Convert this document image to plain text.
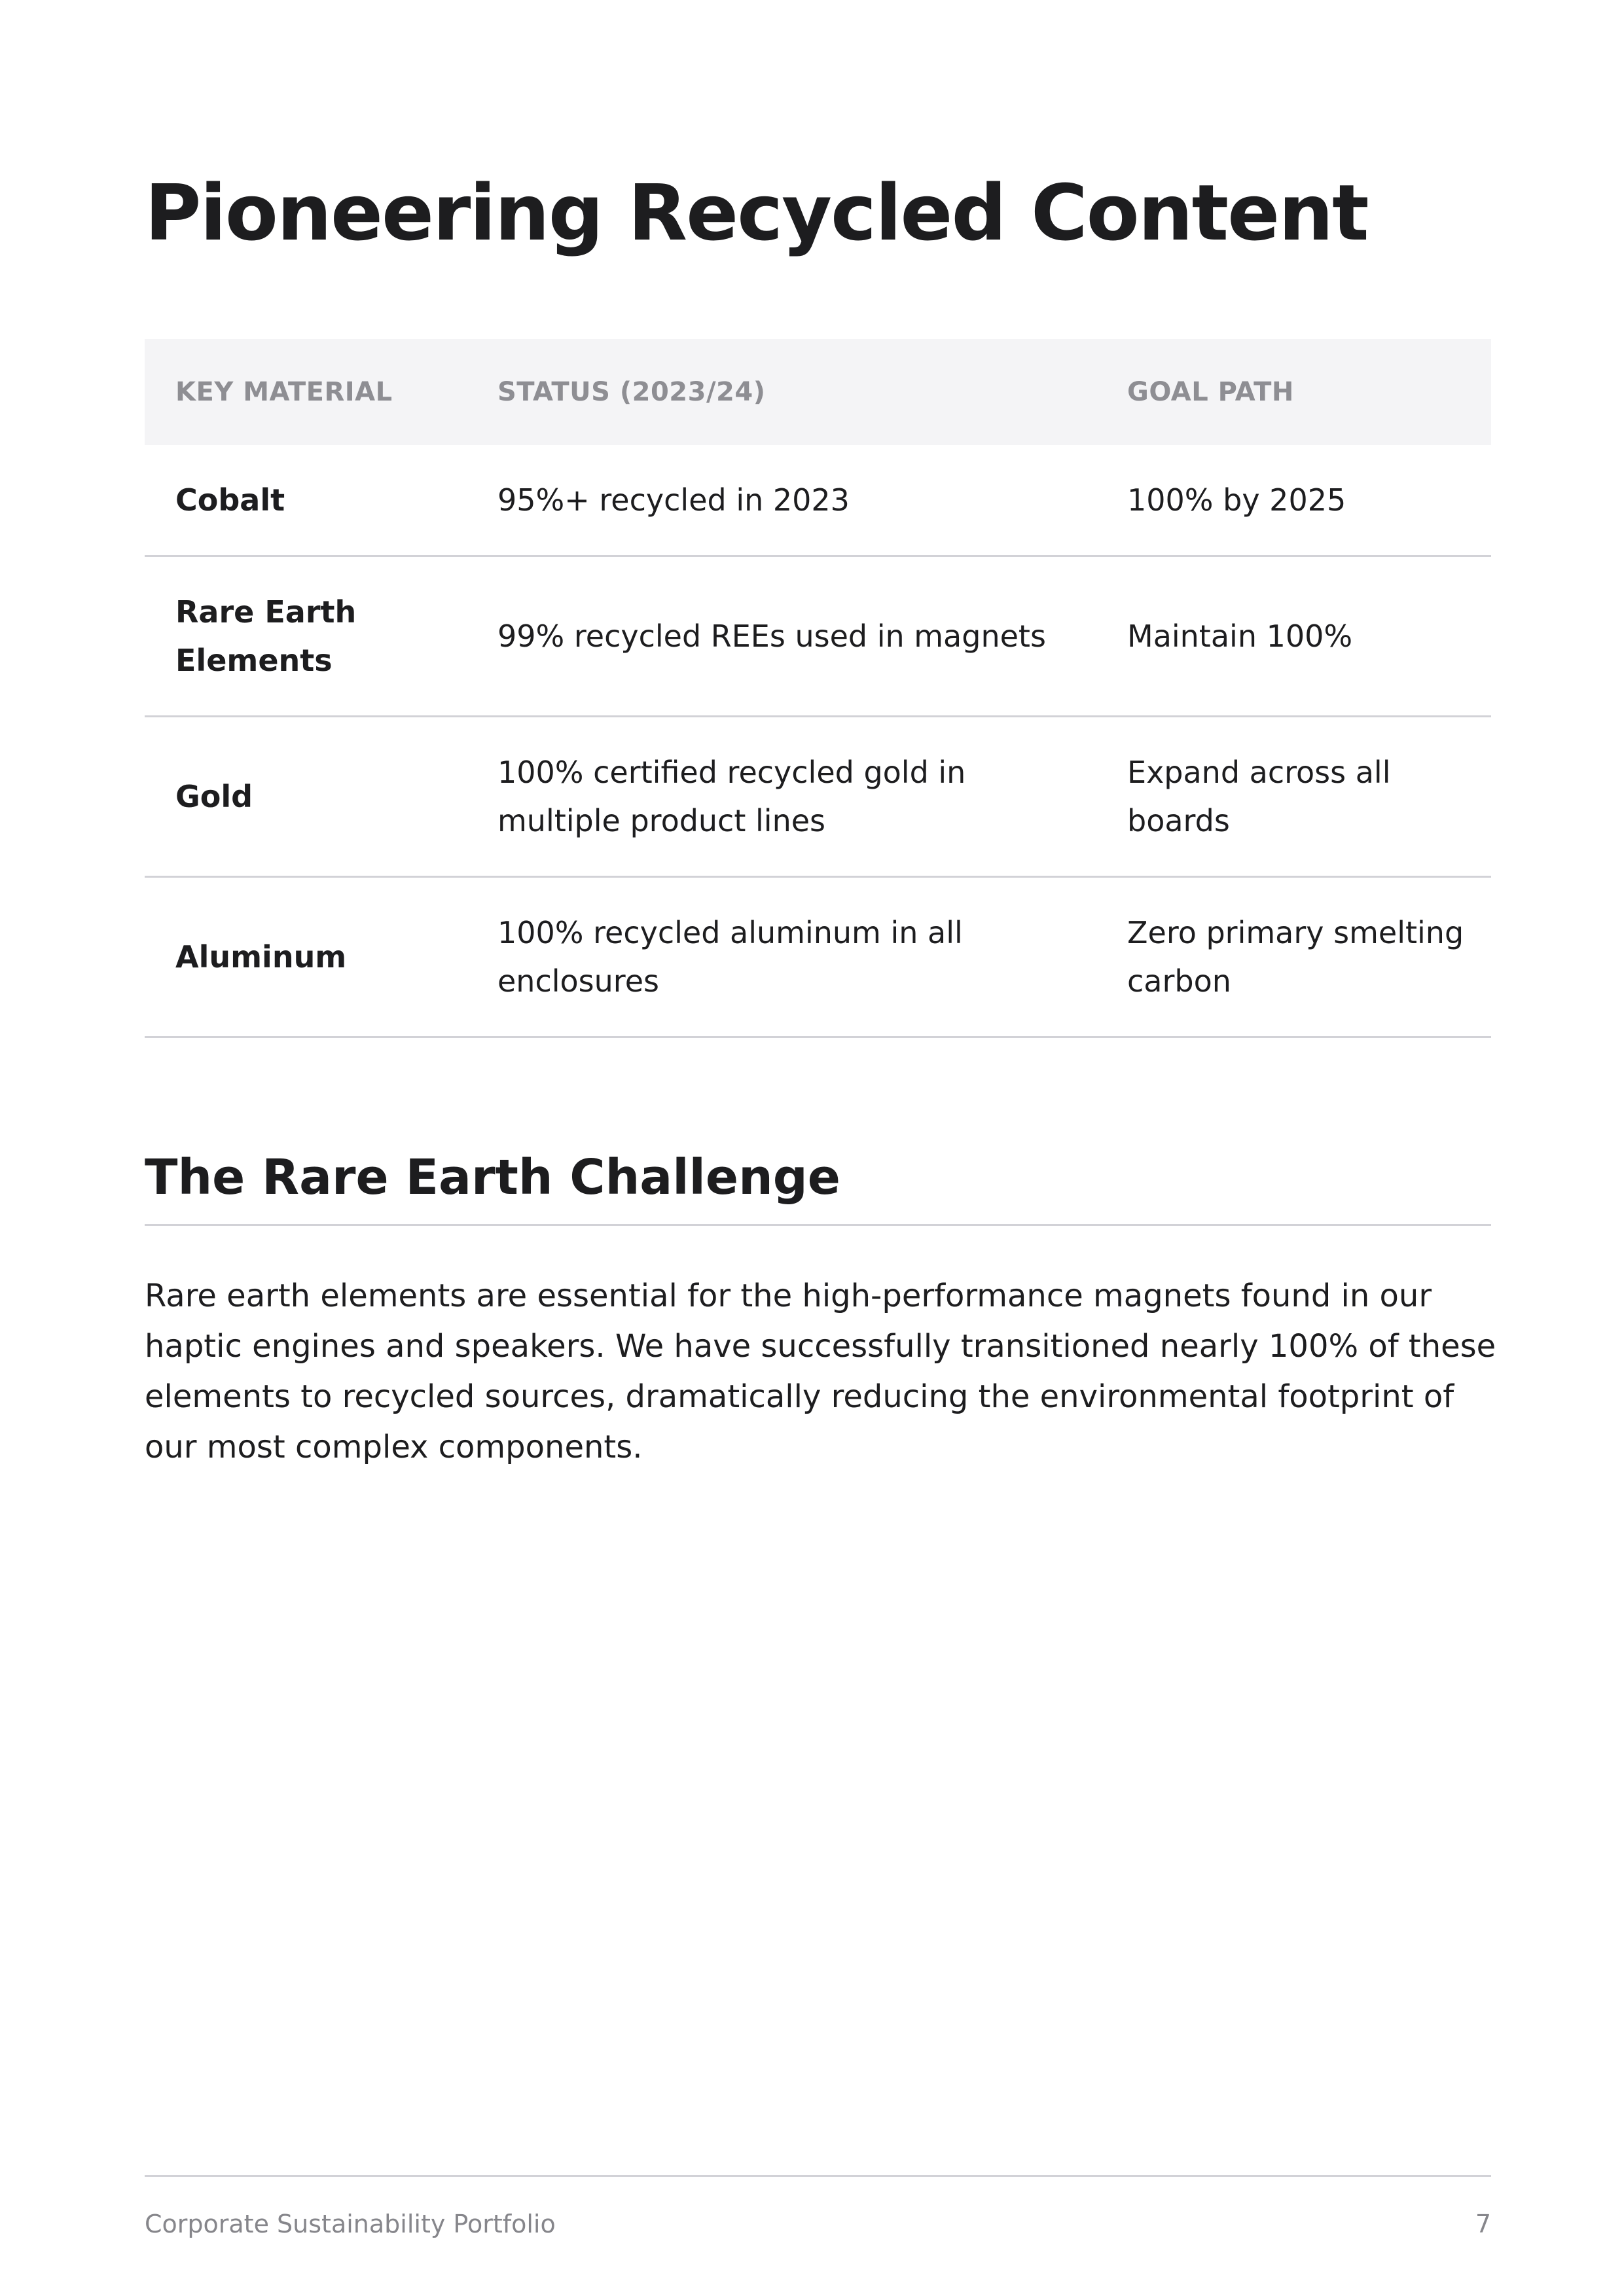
Pioneering Recycled Content
KEY MATERIAL	STATUS (2023/24)	GOAL PATH
Cobalt	95%+ recycled in 2023	100% by 2025
Rare Earth Elements	99% recycled REEs used in magnets	Maintain 100%
Gold	100% certified recycled gold in multiple product lines	Expand across all boards
Aluminum	100% recycled aluminum in all enclosures	Zero primary smelting carbon
The Rare Earth Challenge

Rare earth elements are essential for the high-performance magnets found in our haptic engines and speakers. We have successfully transitioned nearly 100% of these elements to recycled sources, dramatically reducing the environmental footprint of our most complex components.

Corporate Sustainability Portfolio	7
